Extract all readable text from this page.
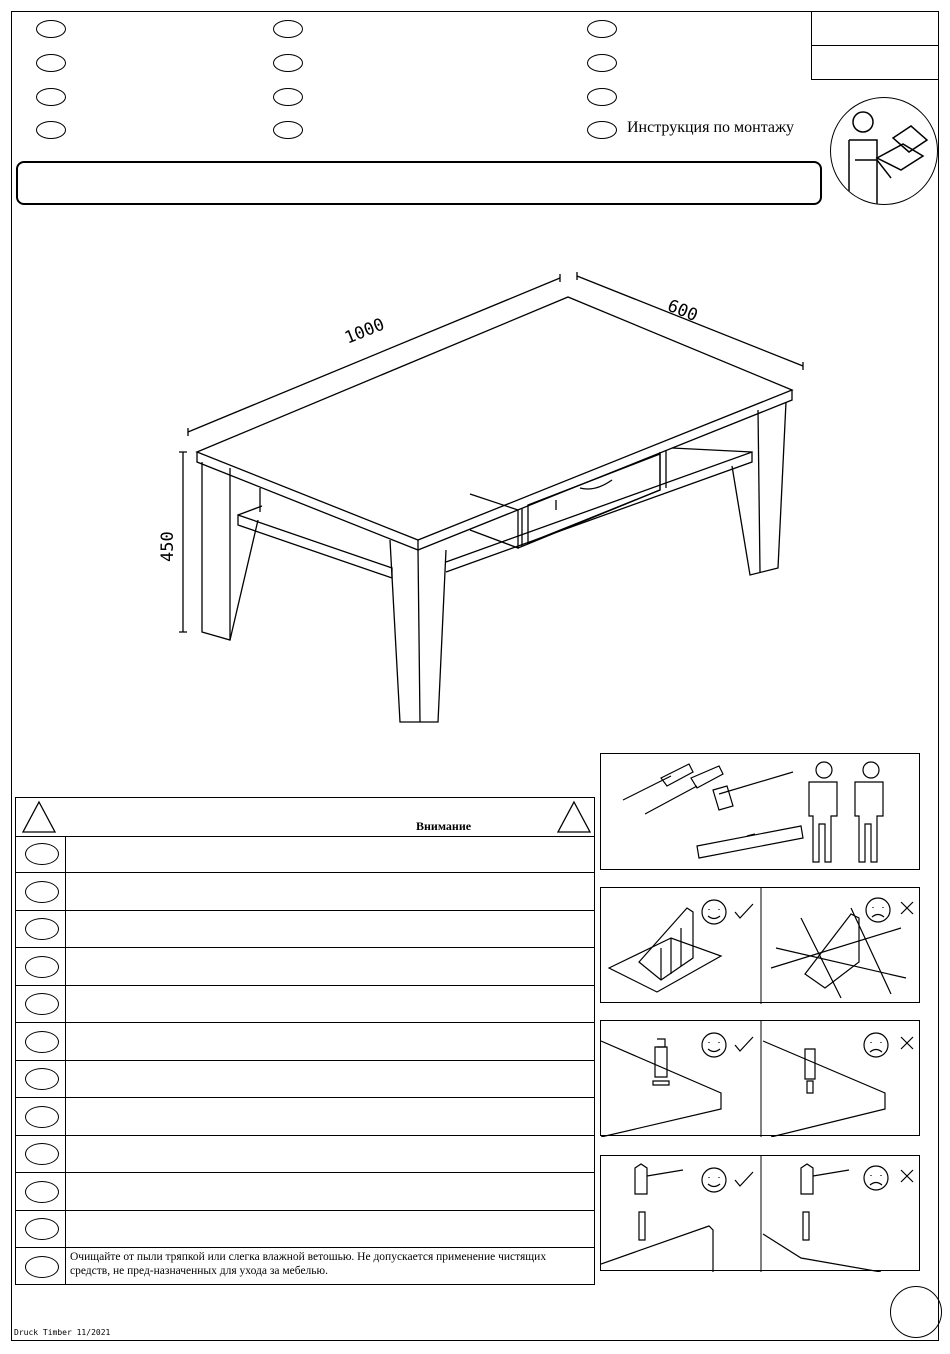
Инструкция по монтажу
1000
600
450
Внимание
Очищайте от пыли тряпкой или слегка влажной ветошью. Не допускается применение чистящих средств, не пред-назначенных для ухода за мебелью.
Druck Timber 11/2021
